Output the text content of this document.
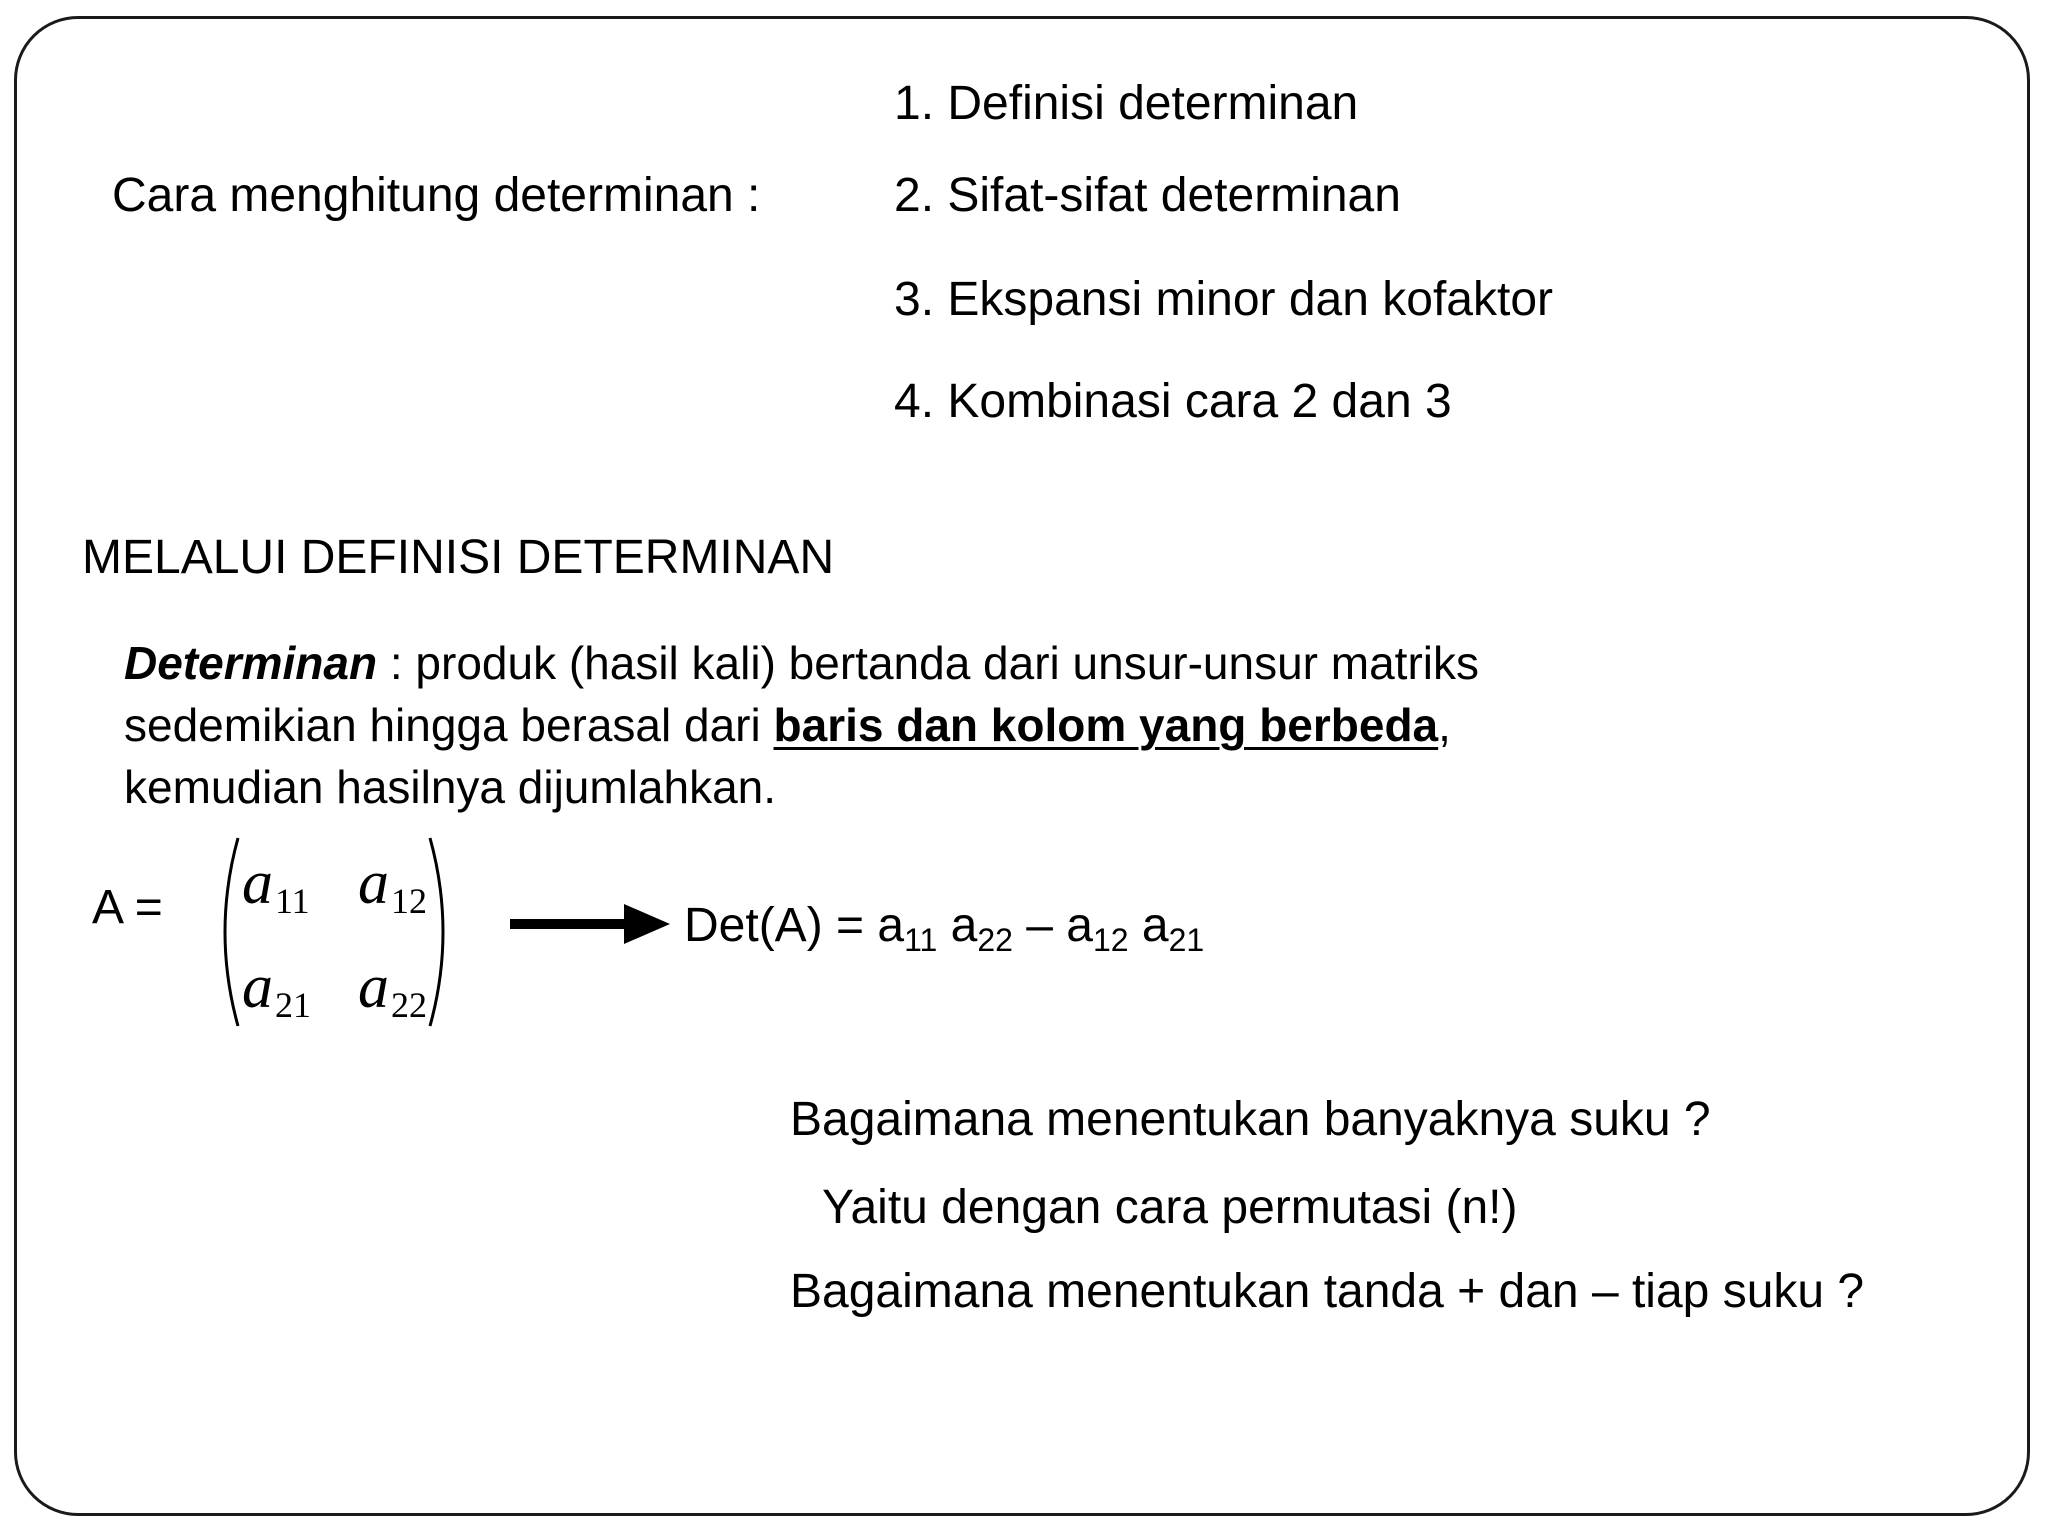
Cara menghitung determinan :
1. Definisi determinan
2. Sifat-sifat determinan
3. Ekspansi minor dan kofaktor
4. Kombinasi cara 2 dan 3
MELALUI DEFINISI DETERMINAN
Determinan : produk (hasil kali) bertanda dari unsur-unsur matriks
sedemikian hingga berasal dari baris dan kolom yang berbeda,
kemudian hasilnya dijumlahkan.
$A = a_{11}$ $a_{12}$
$a_{21}$ $a_{22}$
$Det(A) = a_{11}$ $a_{22} - a_{12}$ $a_{21}$
Bagaimana menentukan banyaknya suku ?
Yaitu dengan cara permutasi (n!)
Bagaimana menentukan tanda + dan – tiap suku ?
